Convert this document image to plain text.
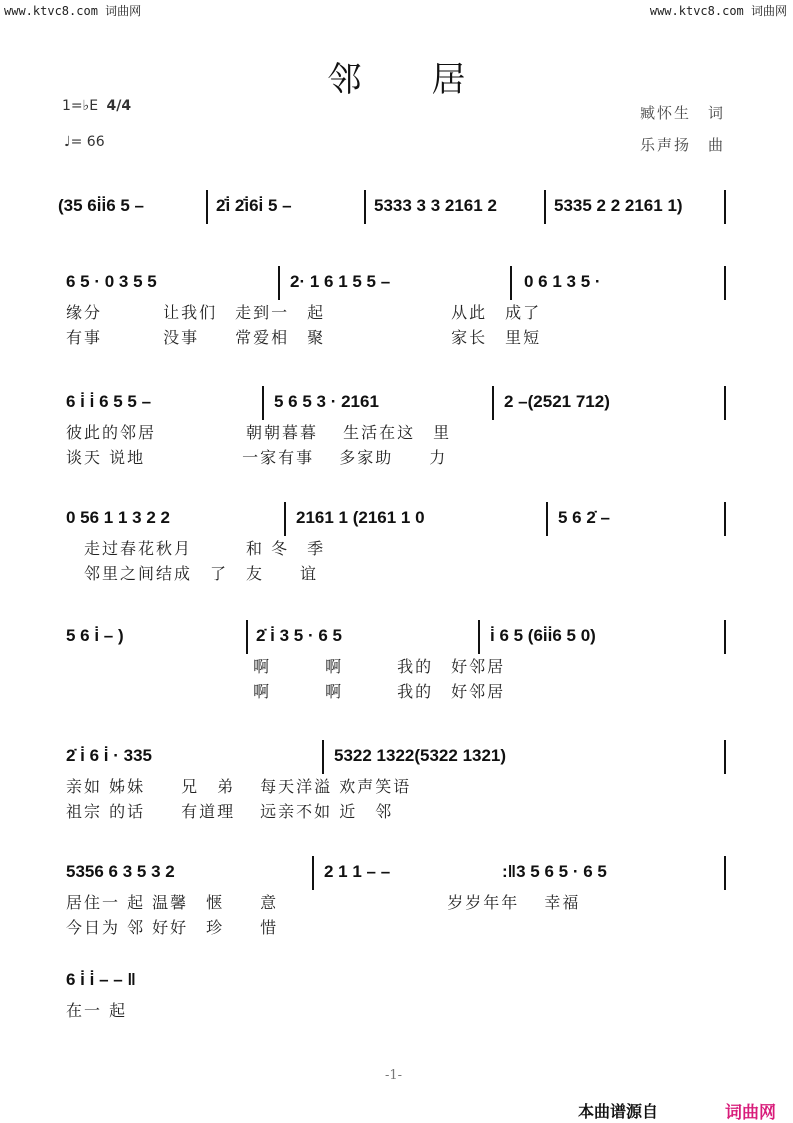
www.ktvc8.com 词曲网	www.ktvc8.com 词曲网
邻居
1=♭E 4/4
♩= 66
臧怀生　词
乐声扬　曲
(35 6i̇i̇6 5 –	2̇i̇ 2̇i̇6i̇ 5 –	5333 3 3 2161 2	5335 2 2 2161 1)
6 5 · 0 3 5 5	2· 1 6 1 5 5 –	0 6 1 3 5 ·
缘分　　　 让我们　走到一　起　　　　　　　从此　成了
有事　　　 没事　　常爱相　聚　　　　　　　家长　里短
6 i̇ i̇ 6 5 5 –	5 6 5 3 · 2161	2 –(2521 712)
彼此的邻居　　　　　朝朝暮暮　 生活在这　里
谈天 说地　　　　　 一家有事　 多家助　　力
0 56 1 1 3 2 2	2161 1 (2161 1 0	5 6 2̇ –
　走过春花秋月　　　和 冬　季
　邻里之间结成　了　友　　谊
5 6 i̇ – )	2̇ i̇ 3 5 · 6 5	i̇ 6 5 (6i̇i̇6 5 0)
　　　　　　　　　　 啊　　　啊　　　我的　好邻居
　　　　　　　　　　 啊　　　啊　　　我的　好邻居
2̇ i̇ 6 i̇ · 335	5322 1322(5322 1321)
亲如 姊妹　　兄　弟　 每天洋溢 欢声笑语
祖宗 的话　　有道理　 远亲不如 近　邻
5356 6 3 5 3 2	2 1 1 – –	:‖3 5 6 5 · 6 5
居住一 起 温馨　惬　　意　　　　　　　　　 岁岁年年　 幸福
今日为 邻 好好　珍　　惜
6 i̇ i̇ – – ‖
在一 起
-1-
本曲谱源自	词曲网
